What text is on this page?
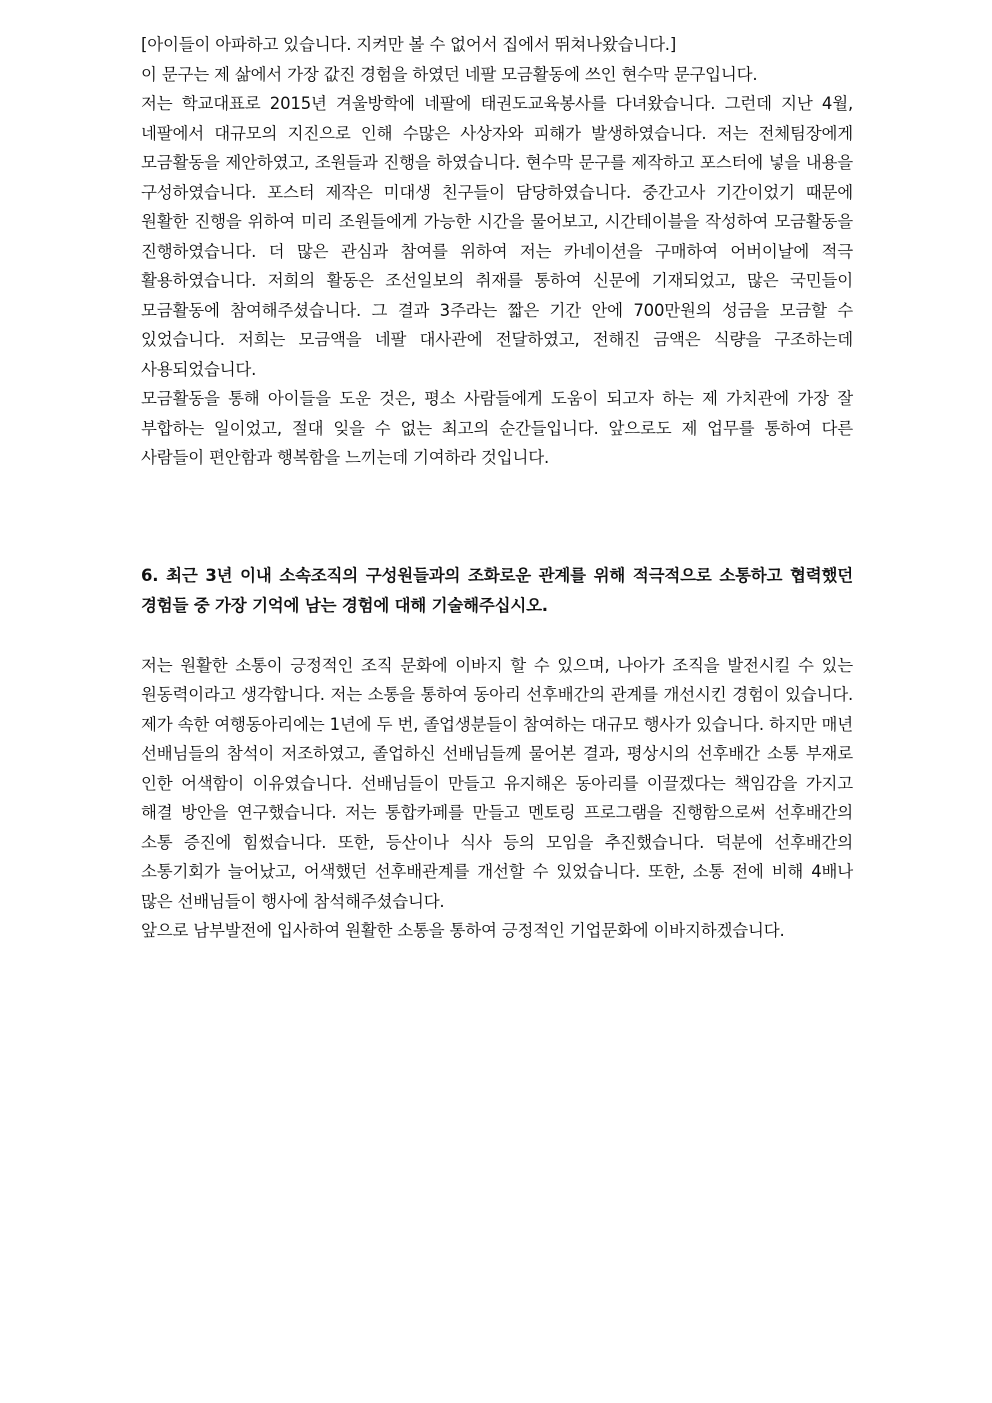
[아이들이 아파하고 있습니다. 지켜만 볼 수 없어서 집에서 뛰쳐나왔습니다.]

이 문구는 제 삶에서 가장 값진 경험을 하였던 네팔 모금활동에 쓰인 현수막 문구입니다.

저는 학교대표로 2015년 겨울방학에 네팔에 태권도교육봉사를 다녀왔습니다. 그런데 지난 4월, 네팔에서 대규모의 지진으로 인해 수많은 사상자와 피해가 발생하였습니다. 저는 전체팀장에게 모금활동을 제안하였고, 조원들과 진행을 하였습니다. 현수막 문구를 제작하고 포스터에 넣을 내용을 구성하였습니다. 포스터 제작은 미대생 친구들이 담당하였습니다. 중간고사 기간이었기 때문에 원활한 진행을 위하여 미리 조원들에게 가능한 시간을 물어보고, 시간테이블을 작성하여 모금활동을 진행하였습니다. 더 많은 관심과 참여를 위하여 저는 카네이션을 구매하여 어버이날에 적극 활용하였습니다. 저희의 활동은 조선일보의 취재를 통하여 신문에 기재되었고, 많은 국민들이 모금활동에 참여해주셨습니다. 그 결과 3주라는 짧은 기간 안에 700만원의 성금을 모금할 수 있었습니다. 저희는 모금액을 네팔 대사관에 전달하였고, 전해진 금액은 식량을 구조하는데 사용되었습니다.

모금활동을 통해 아이들을 도운 것은, 평소 사람들에게 도움이 되고자 하는 제 가치관에 가장 잘 부합하는 일이었고, 절대 잊을 수 없는 최고의 순간들입니다. 앞으로도 제 업무를 통하여 다른 사람들이 편안함과 행복함을 느끼는데 기여하라 것입니다.

6. 최근 3년 이내 소속조직의 구성원들과의 조화로운 관계를 위해 적극적으로 소통하고 협력했던 경험들 중 가장 기억에 남는 경험에 대해 기술해주십시오.

저는 원활한 소통이 긍정적인 조직 문화에 이바지 할 수 있으며, 나아가 조직을 발전시킬 수 있는 원동력이라고 생각합니다. 저는 소통을 통하여 동아리 선후배간의 관계를 개선시킨 경험이 있습니다. 제가 속한 여행동아리에는 1년에 두 번, 졸업생분들이 참여하는 대규모 행사가 있습니다. 하지만 매년 선배님들의 참석이 저조하였고, 졸업하신 선배님들께 물어본 결과, 평상시의 선후배간 소통 부재로 인한 어색함이 이유였습니다. 선배님들이 만들고 유지해온 동아리를 이끌겠다는 책임감을 가지고 해결 방안을 연구했습니다. 저는 통합카페를 만들고 멘토링 프로그램을 진행함으로써 선후배간의 소통 증진에 힘썼습니다. 또한, 등산이나 식사 등의 모임을 추진했습니다. 덕분에 선후배간의 소통기회가 늘어났고, 어색했던 선후배관계를 개선할 수 있었습니다. 또한, 소통 전에 비해 4배나 많은 선배님들이 행사에 참석해주셨습니다.

앞으로 남부발전에 입사하여 원활한 소통을 통하여 긍정적인 기업문화에 이바지하겠습니다.
